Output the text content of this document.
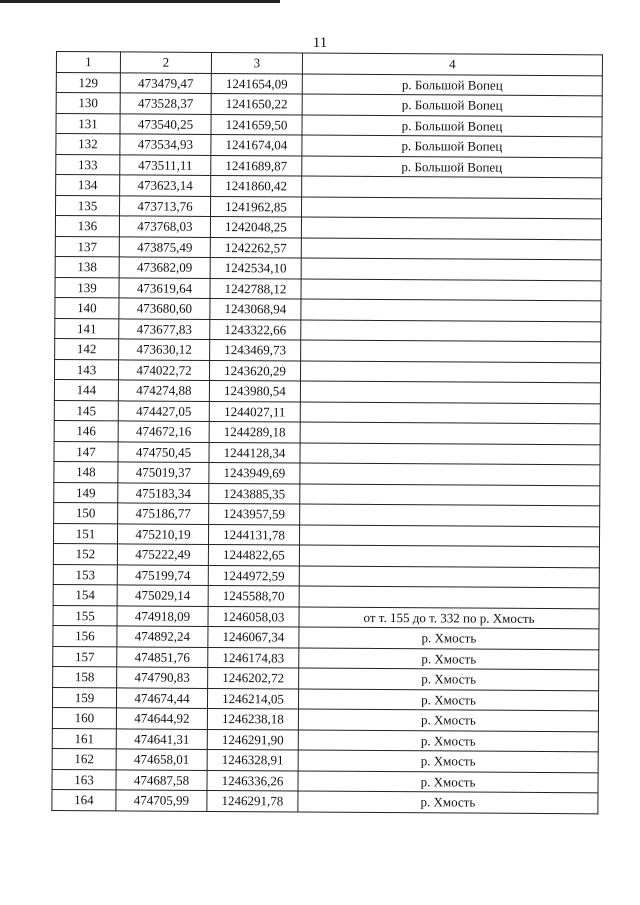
11
1	2	3	4
129	473479,47	1241654,09	р. Большой Вопец
130	473528,37	1241650,22	р. Большой Вопец
131	473540,25	1241659,50	р. Большой Вопец
132	473534,93	1241674,04	р. Большой Вопец
133	473511,11	1241689,87	р. Большой Вопец
134	473623,14	1241860,42	
135	473713,76	1241962,85	
136	473768,03	1242048,25	
137	473875,49	1242262,57	
138	473682,09	1242534,10	
139	473619,64	1242788,12	
140	473680,60	1243068,94	
141	473677,83	1243322,66	
142	473630,12	1243469,73	
143	474022,72	1243620,29	
144	474274,88	1243980,54	
145	474427,05	1244027,11	
146	474672,16	1244289,18	
147	474750,45	1244128,34	
148	475019,37	1243949,69	
149	475183,34	1243885,35	
150	475186,77	1243957,59	
151	475210,19	1244131,78	
152	475222,49	1244822,65	
153	475199,74	1244972,59	
154	475029,14	1245588,70	
155	474918,09	1246058,03	от т. 155 до т. 332 по р. Хмость
156	474892,24	1246067,34	р. Хмость
157	474851,76	1246174,83	р. Хмость
158	474790,83	1246202,72	р. Хмость
159	474674,44	1246214,05	р. Хмость
160	474644,92	1246238,18	р. Хмость
161	474641,31	1246291,90	р. Хмость
162	474658,01	1246328,91	р. Хмость
163	474687,58	1246336,26	р. Хмость
164	474705,99	1246291,78	р. Хмость
